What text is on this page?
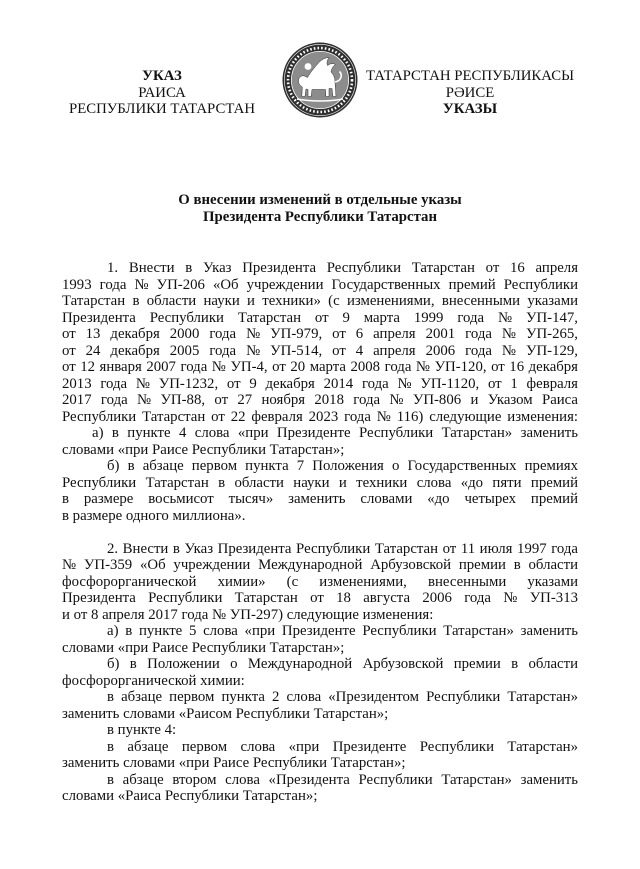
УКАЗ
РАИСА
РЕСПУБЛИКИ ТАТАРСТАН
ТАТАРСТАН РЕСПУБЛИКАСЫ
РӘИСЕ
УКАЗЫ
О внесении изменений в отдельные указы
Президента Республики Татарстан
1. Внести в Указ Президента Республики Татарстан от 16 апреля
1993 года № УП-206 «Об учреждении Государственных премий Республики
Татарстан в области науки и техники» (с изменениями, внесенными указами
Президента Республики Татарстан от 9 марта 1999 года № УП-147,
от 13 декабря 2000 года № УП-979, от 6 апреля 2001 года № УП-265,
от 24 декабря 2005 года № УП-514, от 4 апреля 2006 года № УП-129,
от 12 января 2007 года № УП-4, от 20 марта 2008 года № УП-120, от 16 декабря
2013 года № УП-1232, от 9 декабря 2014 года № УП-1120, от 1 февраля
2017 года № УП-88, от 27 ноября 2018 года № УП-806 и Указом Раиса
Республики Татарстан от 22 февраля 2023 года № 116) следующие изменения:
а) в пункте 4 слова «при Президенте Республики Татарстан» заменить
словами «при Раисе Республики Татарстан»;
б) в абзаце первом пункта 7 Положения о Государственных премиях
Республики Татарстан в области науки и техники слова «до пяти премий
в размере восьмисот тысяч» заменить словами «до четырех премий
в размере одного миллиона».
2. Внести в Указ Президента Республики Татарстан от 11 июля 1997 года
№ УП-359 «Об учреждении Международной Арбузовской премии в области
фосфорорганической химии» (с изменениями, внесенными указами
Президента Республики Татарстан от 18 августа 2006 года № УП-313
и от 8 апреля 2017 года № УП-297) следующие изменения:
а) в пункте 5 слова «при Президенте Республики Татарстан» заменить
словами «при Раисе Республики Татарстан»;
б) в Положении о Международной Арбузовской премии в области
фосфорорганической химии:
в абзаце первом пункта 2 слова «Президентом Республики Татарстан»
заменить словами «Раисом Республики Татарстан»;
в пункте 4:
в абзаце первом слова «при Президенте Республики Татарстан»
заменить словами «при Раисе Республики Татарстан»;
в абзаце втором слова «Президента Республики Татарстан» заменить
словами «Раиса Республики Татарстан»;
